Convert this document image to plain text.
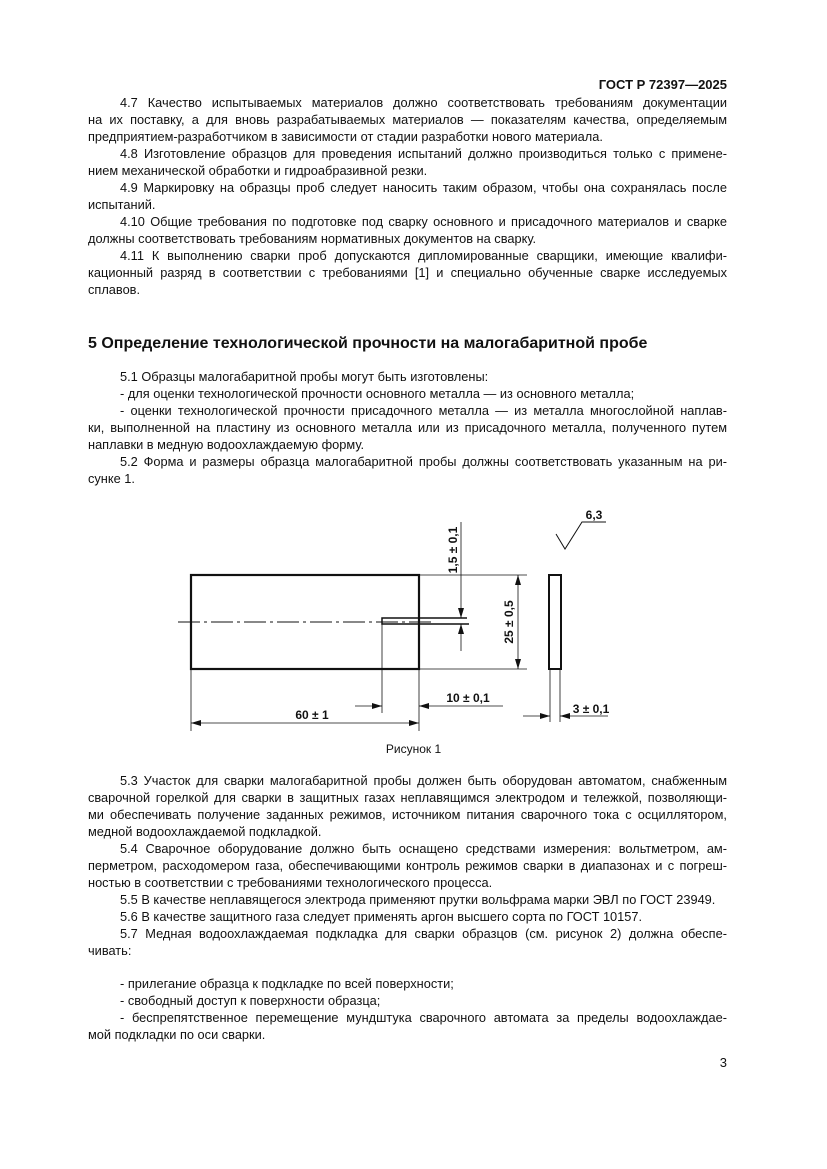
ГОСТ Р 72397—2025
4.7 Качество испытываемых материалов должно соответствовать требованиям документации
на их поставку, а для вновь разрабатываемых материалов — показателям качества, определяемым
предприятием-разработчиком в зависимости от стадии разработки нового материала.
4.8 Изготовление образцов для проведения испытаний должно производиться только с примене-
нием механической обработки и гидроабразивной резки.
4.9 Маркировку на образцы проб следует наносить таким образом, чтобы она сохранялась после
испытаний.
4.10 Общие требования по подготовке под сварку основного и присадочного материалов и сварке
должны соответствовать требованиям нормативных документов на сварку.
4.11 К выполнению сварки проб допускаются дипломированные сварщики, имеющие квалифи-
кационный разряд в соответствии с требованиями [1] и специально обученные сварке исследуемых
сплавов.
5 Определение технологической прочности на малогабаритной пробе
5.1 Образцы малогабаритной пробы могут быть изготовлены:
- для оценки технологической прочности основного металла — из основного металла;
- оценки технологической прочности присадочного металла — из металла многослойной наплав-
ки, выполненной на пластину из основного металла или из присадочного металла, полученного путем
наплавки в медную водоохлаждаемую форму.
5.2 Форма и размеры образца малогабаритной пробы должны соответствовать указанным на ри-
сунке 1.
1,5 ± 0,1
25 ± 0,5
10 ± 0,1
60 ± 1	3 ± 0,1
6,3
Рисунок 1
5.3 Участок для сварки малогабаритной пробы должен быть оборудован автоматом, снабженным
сварочной горелкой для сварки в защитных газах неплавящимся электродом и тележкой, позволяющи-
ми обеспечивать получение заданных режимов, источником питания сварочного тока с осциллятором,
медной водоохлаждаемой подкладкой.
5.4 Сварочное оборудование должно быть оснащено средствами измерения: вольтметром, ам-
перметром, расходомером газа, обеспечивающими контроль режимов сварки в диапазонах и с погреш-
ностью в соответствии с требованиями технологического процесса.
5.5 В качестве неплавящегося электрода применяют прутки вольфрама марки ЭВЛ по ГОСТ 23949.
5.6 В качестве защитного газа следует применять аргон высшего сорта по ГОСТ 10157.
5.7 Медная водоохлаждаемая подкладка для сварки образцов (см. рисунок 2) должна обеспе-
чивать:
- прилегание образца к подкладке по всей поверхности;
- свободный доступ к поверхности образца;
- беспрепятственное перемещение мундштука сварочного автомата за пределы водоохлаждае-
мой подкладки по оси сварки.
3
